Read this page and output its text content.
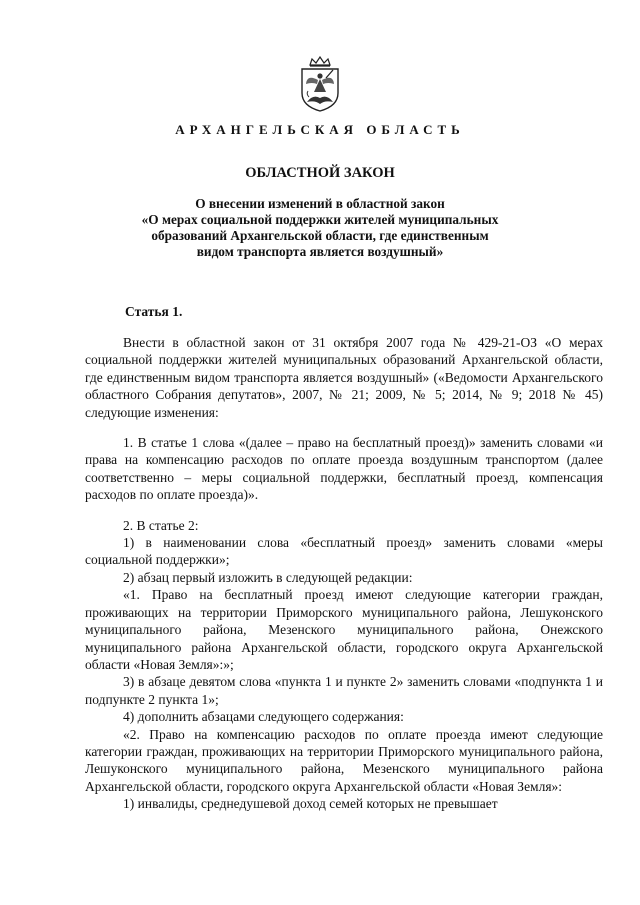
АРХАНГЕЛЬСКАЯ ОБЛАСТЬ
ОБЛАСТНОЙ ЗАКОН
О внесении изменений в областной закон
«О мерах социальной поддержки жителей муниципальных
образований Архангельской области, где единственным
видом транспорта является воздушный»
Статья 1.

Внести в областной закон от 31 октября 2007 года № 429-21-ОЗ «О мерах социальной поддержки жителей муниципальных образований Архангельской области, где единственным видом транспорта является воздушный» («Ведомости Архангельского областного Собрания депутатов», 2007, № 21; 2009, № 5; 2014, № 9; 2018 № 45) следующие изменения:

1. В статье 1 слова «(далее – право на бесплатный проезд)» заменить словами «и права на компенсацию расходов по оплате проезда воздушным транспортом (далее соответственно – меры социальной поддержки, бесплатный проезд, компенсация расходов по оплате проезда)».

2. В статье 2:

1) в наименовании слова «бесплатный проезд» заменить словами «меры социальной поддержки»;

2) абзац первый изложить в следующей редакции:

«1. Право на бесплатный проезд имеют следующие категории граждан, проживающих на территории Приморского муниципального района, Лешуконского муниципального района, Мезенского муниципального района, Онежского муниципального района Архангельской области, городского округа Архангельской области «Новая Земля»:»;

3) в абзаце девятом слова «пункта 1 и пункте 2» заменить словами «подпункта 1 и подпункте 2 пункта 1»;

4) дополнить абзацами следующего содержания:

«2. Право на компенсацию расходов по оплате проезда имеют следующие категории граждан, проживающих на территории Приморского муниципального района, Лешуконского муниципального района, Мезенского муниципального района Архангельской области, городского округа Архангельской области «Новая Земля»:

1) инвалиды, среднедушевой доход семей которых не превышает
